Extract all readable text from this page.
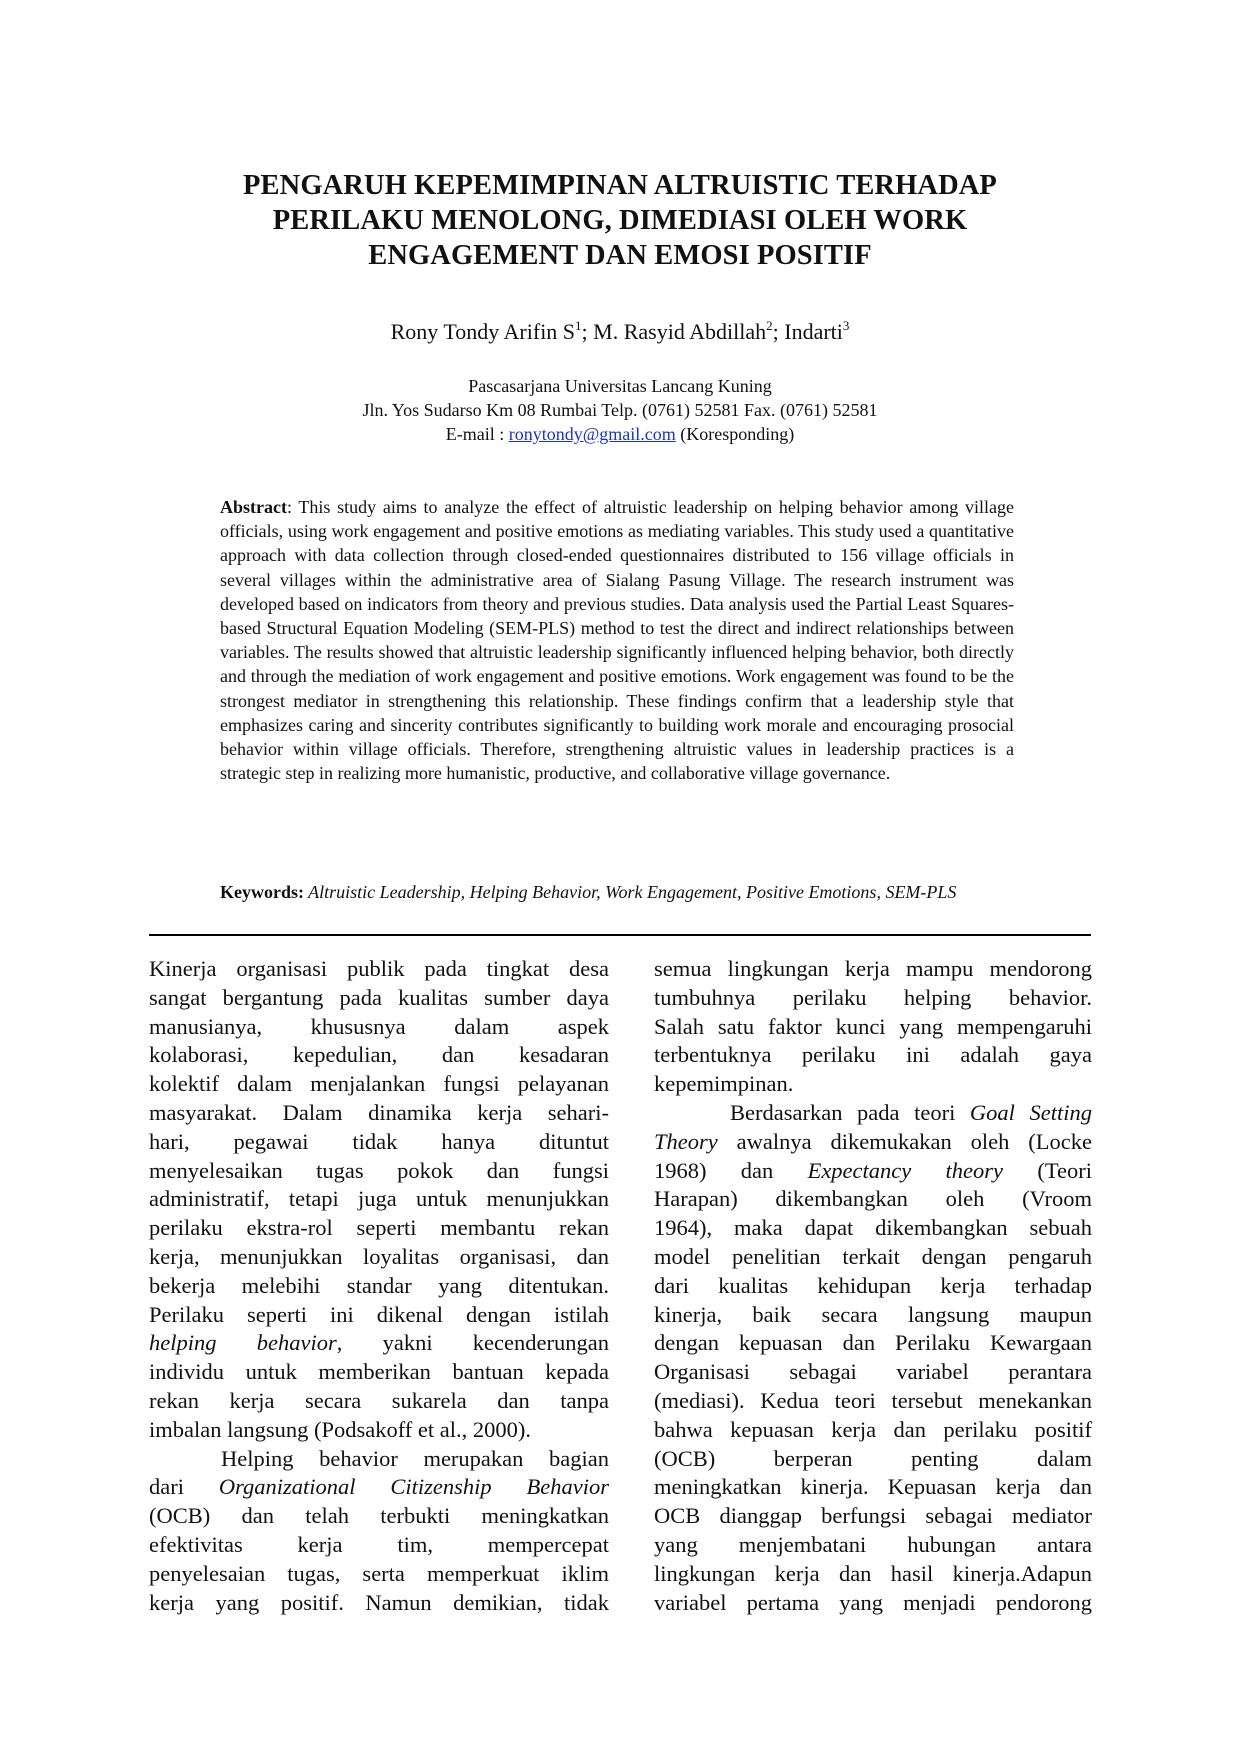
PENGARUH KEPEMIMPINAN ALTRUISTIC TERHADAP
PERILAKU MENOLONG, DIMEDIASI OLEH WORK
ENGAGEMENT DAN EMOSI POSITIF
Rony Tondy Arifin $S^1$; M. Rasyid Abdillah$^2$; Indarti$^3$
Pascasarjana Universitas Lancang Kuning
Jln. Yos Sudarso Km 08 Rumbai Telp. (0761) 52581 Fax. (0761) 52581
E-mail : ronytondy@gmail.com (Koresponding)
Abstract: This study aims to analyze the effect of altruistic leadership on helping behavior among village officials, using work engagement and positive emotions as mediating variables. This study used a quantitative approach with data collection through closed-ended questionnaires distributed to 156 village officials in several villages within the administrative area of Sialang Pasung Village. The research instrument was developed based on indicators from theory and previous studies. Data analysis used the Partial Least Squares-based Structural Equation Modeling (SEM-PLS) method to test the direct and indirect relationships between variables. The results showed that altruistic leadership significantly influenced helping behavior, both directly and through the mediation of work engagement and positive emotions. Work engagement was found to be the strongest mediator in strengthening this relationship. These findings confirm that a leadership style that emphasizes caring and sincerity contributes significantly to building work morale and encouraging prosocial behavior within village officials. Therefore, strengthening altruistic values in leadership practices is a strategic step in realizing more humanistic, productive, and collaborative village governance.
Keywords: Altruistic Leadership, Helping Behavior, Work Engagement, Positive Emotions, SEM-PLS

Kinerja organisasi publik pada tingkat desa
sangat bergantung pada kualitas sumber daya
manusianya, khususnya dalam aspek
kolaborasi, kepedulian, dan kesadaran
kolektif dalam menjalankan fungsi pelayanan
masyarakat. Dalam dinamika kerja sehari-
hari, pegawai tidak hanya dituntut
menyelesaikan tugas pokok dan fungsi
administratif, tetapi juga untuk menunjukkan
perilaku ekstra-rol seperti membantu rekan
kerja, menunjukkan loyalitas organisasi, dan
bekerja melebihi standar yang ditentukan.
Perilaku seperti ini dikenal dengan istilah
helping behavior, yakni kecenderungan
individu untuk memberikan bantuan kepada
rekan kerja secara sukarela dan tanpa
imbalan langsung (Podsakoff et al., 2000).

Helping behavior merupakan bagian
dari Organizational Citizenship Behavior
(OCB) dan telah terbukti meningkatkan
efektivitas kerja tim, mempercepat
penyelesaian tugas, serta memperkuat iklim
kerja yang positif. Namun demikian, tidak

semua lingkungan kerja mampu mendorong
tumbuhnya perilaku helping behavior.
Salah satu faktor kunci yang mempengaruhi
terbentuknya perilaku ini adalah gaya
kepemimpinan.

Berdasarkan pada teori Goal Setting
Theory awalnya dikemukakan oleh (Locke
1968) dan Expectancy theory (Teori
Harapan) dikembangkan oleh (Vroom
1964), maka dapat dikembangkan sebuah
model penelitian terkait dengan pengaruh
dari kualitas kehidupan kerja terhadap
kinerja, baik secara langsung maupun
dengan kepuasan dan Perilaku Kewargaan
Organisasi sebagai variabel perantara
(mediasi). Kedua teori tersebut menekankan
bahwa kepuasan kerja dan perilaku positif
(OCB) berperan penting dalam
meningkatkan kinerja. Kepuasan kerja dan
OCB dianggap berfungsi sebagai mediator
yang menjembatani hubungan antara
lingkungan kerja dan hasil kinerja.Adapun
variabel pertama yang menjadi pendorong
